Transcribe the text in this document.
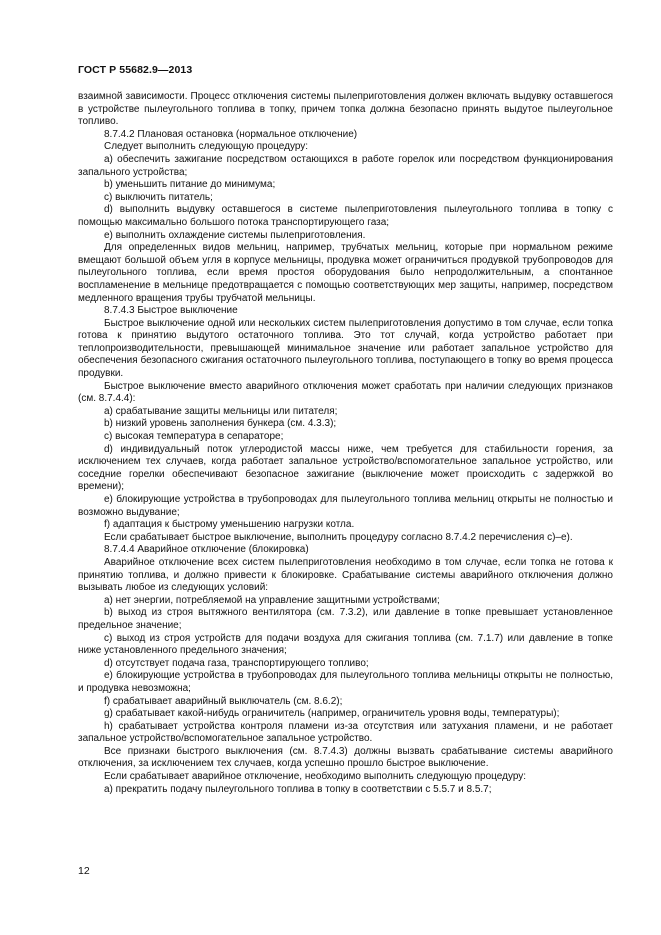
ГОСТ Р 55682.9—2013

взаимной зависимости. Процесс отключения системы пылеприготовления должен включать выдувку оставшегося в устройстве пылеугольного топлива в топку, причем топка должна безопасно принять выдутое пылеугольное топливо.

8.7.4.2 Плановая остановка (нормальное отключение)

Следует выполнить следующую процедуру:

а) обеспечить зажигание посредством остающихся в работе горелок или посредством функционирования запального устройства;

b) уменьшить питание до минимума;

c) выключить питатель;

d) выполнить выдувку оставшегося в системе пылеприготовления пылеугольного топлива в топку с помощью максимально большого потока транспортирующего газа;

e) выполнить охлаждение системы пылеприготовления.

Для определенных видов мельниц, например, трубчатых мельниц, которые при нормальном режиме вмещают большой объем угля в корпусе мельницы, продувка может ограничиться продувкой трубопроводов для пылеугольного топлива, если время простоя оборудования было непродолжительным, а спонтанное воспламенение в мельнице предотвращается с помощью соответствующих мер защиты, например, посредством медленного вращения трубы трубчатой мельницы.

8.7.4.3 Быстрое выключение

Быстрое выключение одной или нескольких систем пылеприготовления допустимо в том случае, если топка готова к принятию выдутого остаточного топлива. Это тот случай, когда устройство работает при теплопроизводительности, превышающей минимальное значение или работает запальное устройство для обеспечения безопасного сжигания остаточного пылеугольного топлива, поступающего в топку во время процесса продувки.

Быстрое выключение вместо аварийного отключения может сработать при наличии следующих признаков (см. 8.7.4.4):

а) срабатывание защиты мельницы или питателя;

b) низкий уровень заполнения бункера (см. 4.3.3);

c) высокая температура в сепараторе;

d) индивидуальный поток углеродистой массы ниже, чем требуется для стабильности горения, за исключением тех случаев, когда работает запальное устройство/вспомогательное запальное устройство, или соседние горелки обеспечивают безопасное зажигание (выключение может происходить с задержкой во времени);

e) блокирующие устройства в трубопроводах для пылеугольного топлива мельниц открыты не полностью и возможно выдувание;

f) адаптация к быстрому уменьшению нагрузки котла.

Если срабатывает быстрое выключение, выполнить процедуру согласно 8.7.4.2 перечисления с)–е).

8.7.4.4 Аварийное отключение (блокировка)

Аварийное отключение всех систем пылеприготовления необходимо в том случае, если топка не готова к принятию топлива, и должно привести к блокировке. Срабатывание системы аварийного отключения должно вызывать любое из следующих условий:

а) нет энергии, потребляемой на управление защитными устройствами;

b) выход из строя вытяжного вентилятора (см. 7.3.2), или давление в топке превышает установленное предельное значение;

c) выход из строя устройств для подачи воздуха для сжигания топлива (см. 7.1.7) или давление в топке ниже установленного предельного значения;

d) отсутствует подача газа, транспортирующего топливо;

e) блокирующие устройства в трубопроводах для пылеугольного топлива мельницы открыты не полностью, и продувка невозможна;

f) срабатывает аварийный выключатель (см. 8.6.2);

g) срабатывает какой-нибудь ограничитель (например, ограничитель уровня воды, температуры);

h) срабатывает устройства контроля пламени из-за отсутствия или затухания пламени, и не работает запальное устройство/вспомогательное запальное устройство.

Все признаки быстрого выключения (см. 8.7.4.3) должны вызвать срабатывание системы аварийного отключения, за исключением тех случаев, когда успешно прошло быстрое выключение.

Если срабатывает аварийное отключение, необходимо выполнить следующую процедуру:

а) прекратить подачу пылеугольного топлива в топку в соответствии с 5.5.7 и 8.5.7;

12
